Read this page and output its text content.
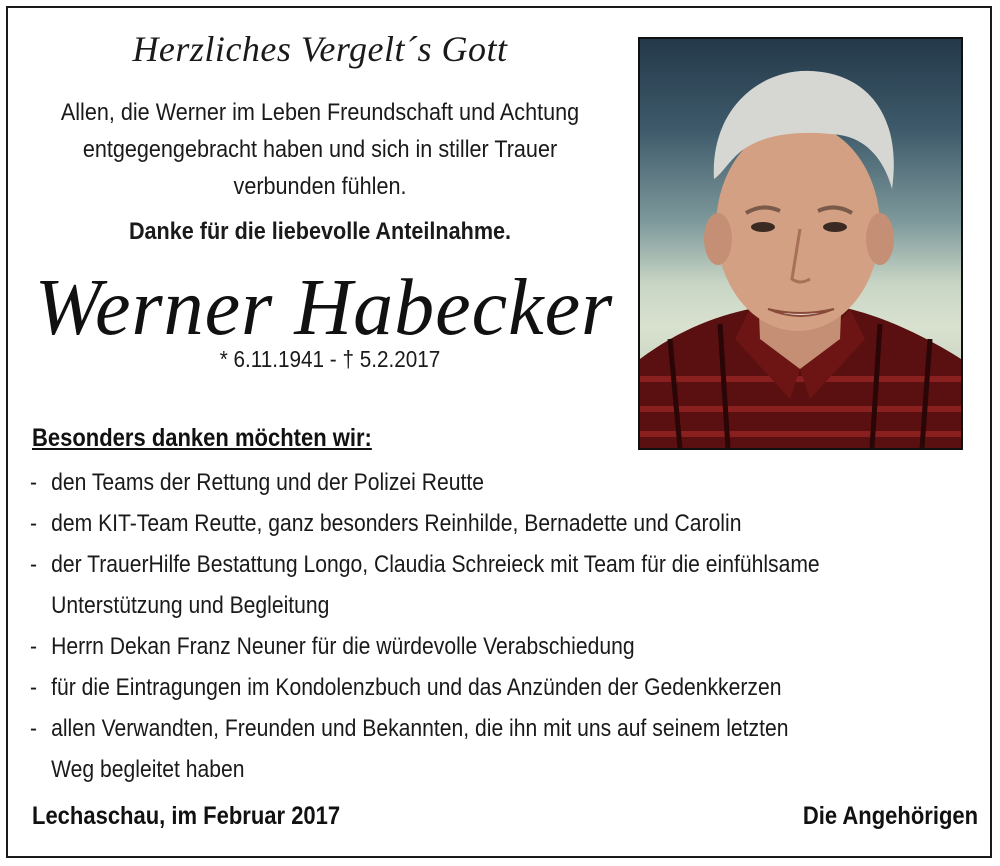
Herzliches Vergelt´s Gott
Allen, die Werner im Leben Freundschaft und Achtung
entgegengebracht haben und sich in stiller Trauer
verbunden fühlen.
Danke für die liebevolle Anteilnahme.
Werner Habecker
* 6.11.1941 - † 5.2.2017
Besonders danken möchten wir:
- den Teams der Rettung und der Polizei Reutte
- dem KIT-Team Reutte, ganz besonders Reinhilde, Bernadette und Carolin
- der TrauerHilfe Bestattung Longo, Claudia Schreieck mit Team für die einfühlsame
Unterstützung und Begleitung
- Herrn Dekan Franz Neuner für die würdevolle Verabschiedung
- für die Eintragungen im Kondolenzbuch und das Anzünden der Gedenkkerzen
- allen Verwandten, Freunden und Bekannten, die ihn mit uns auf seinem letzten
Weg begleitet haben
Lechaschau, im Februar 2017	Die Angehörigen
